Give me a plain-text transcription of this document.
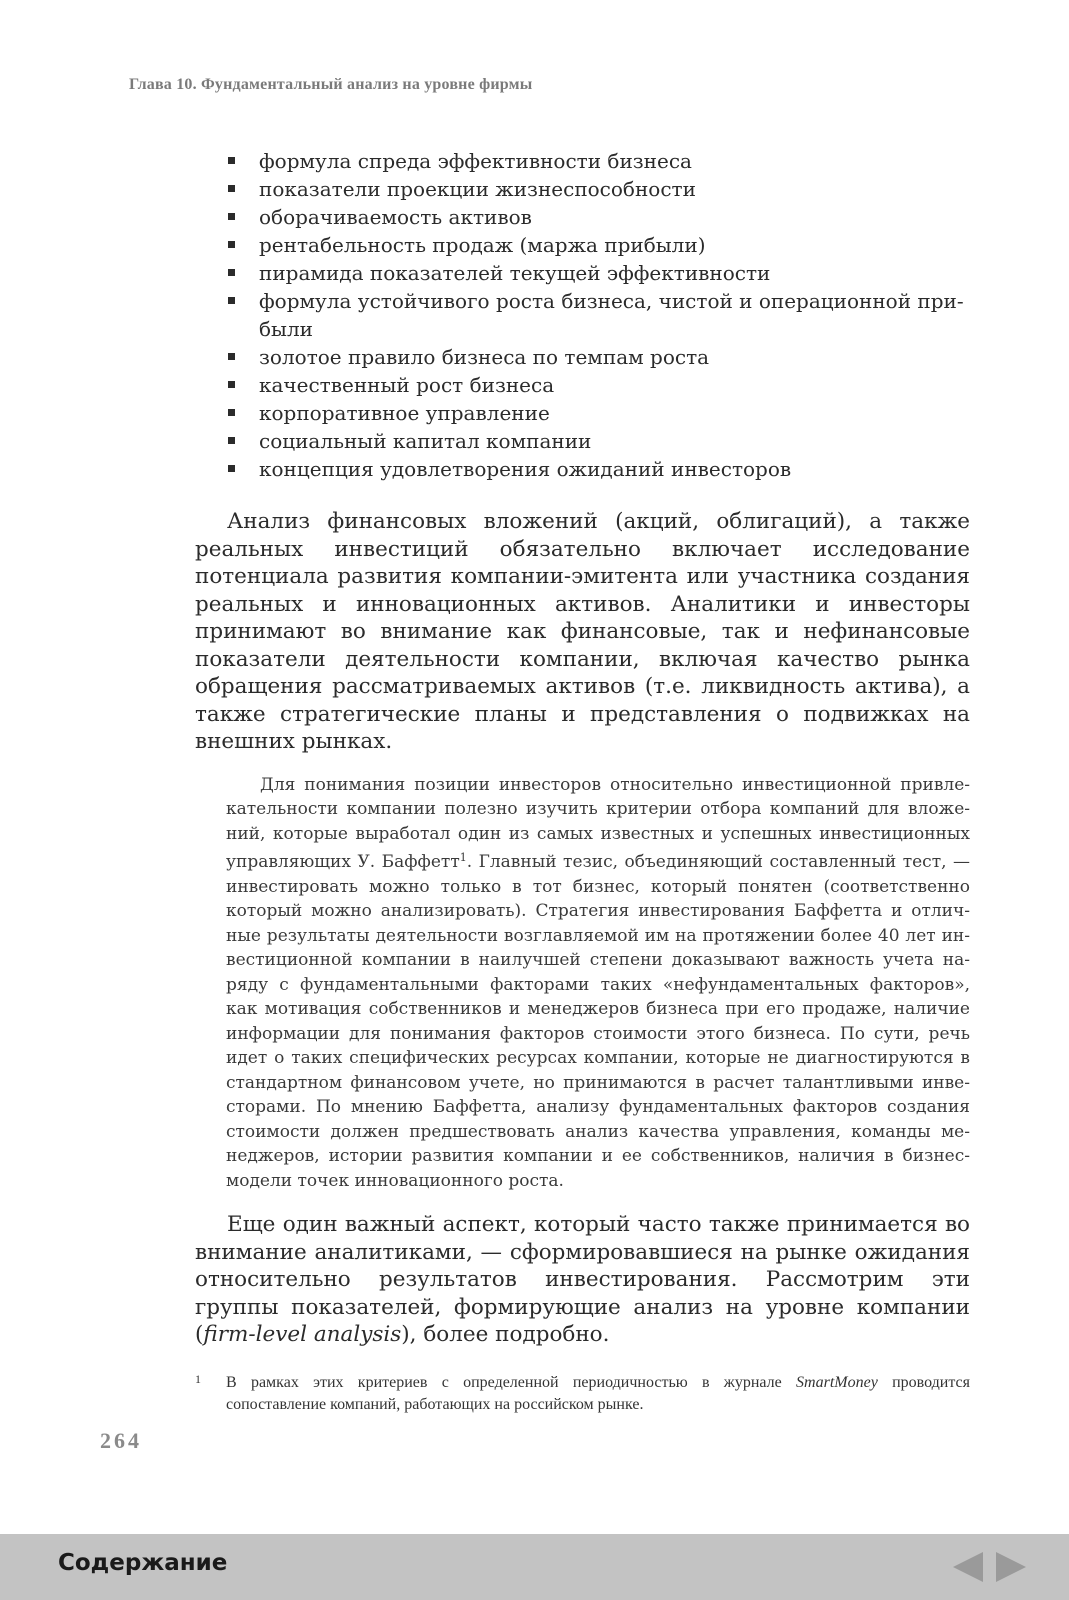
Глава 10. Фундаментальный анализ на уровне фирмы
формула спреда эффективности бизнеса
показатели проекции жизнеспособности
оборачиваемость активов
рентабельность продаж (маржа прибыли)
пирамида показателей текущей эффективности
формула устойчивого роста бизнеса, чистой и операционной прибыли
золотое правило бизнеса по темпам роста
качественный рост бизнеса
корпоративное управление
социальный капитал компании
концепция удовлетворения ожиданий инвесторов

Анализ финансовых вложений (акций, облигаций), а также реальных инвестиций обязательно включает исследование потенциала развития компании-эмитента или участника создания реальных и инновационных активов. Аналитики и инвесторы принимают во внимание как финансовые, так и нефинансовые показатели деятельности компании, включая качество рынка обращения рассматриваемых активов (т.е. ликвидность актива), а также стратегические планы и представления о подвижках на внешних рынках.

Для понимания позиции инвесторов относительно инвестиционной привлекательности компании полезно изучить критерии отбора компаний для вложений, которые выработал один из самых известных и успешных инвестиционных управляющих У. Баффетт$^1$. Главный тезис, объединяющий составленный тест, — инвестировать можно только в тот бизнес, который понятен (соответственно который можно анализировать). Стратегия инвестирования Баффетта и отличные результаты деятельности возглавляемой им на протяжении более 40 лет инвестиционной компании в наилучшей степени доказывают важность учета наряду с фундаментальными факторами таких «нефундаментальных факторов», как мотивация собственников и менеджеров бизнеса при его продаже, наличие информации для понимания факторов стоимости этого бизнеса. По сути, речь идет о таких специфических ресурсах компании, которые не диагностируются в стандартном финансовом учете, но принимаются в расчет талантливыми инвесторами. По мнению Баффетта, анализу фундаментальных факторов создания стоимости должен предшествовать анализ качества управления, команды менеджеров, истории развития компании и ее собственников, наличия в бизнес-модели точек инновационного роста.

Еще один важный аспект, который часто также принимается во внимание аналитиками, — сформировавшиеся на рынке ожидания относительно результатов инвестирования. Рассмотрим эти группы показателей, формирующие анализ на уровне компании (firm-level analysis), более подробно.

1 В рамках этих критериев с определенной периодичностью в журнале SmartMoney проводится сопоставление компаний, работающих на российском рынке.
264
Содержание
